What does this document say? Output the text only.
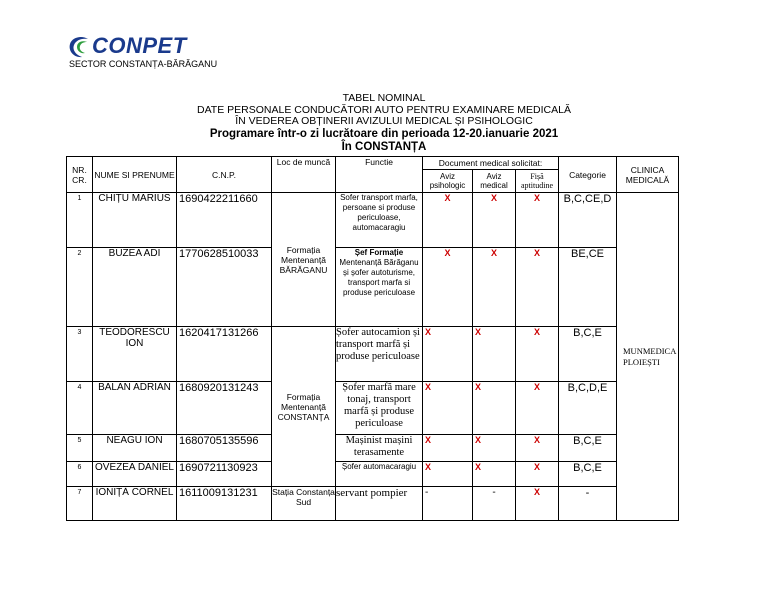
CONPET
SECTOR CONSTANȚA-BĂRĂGANU
TABEL NOMINAL
DATE PERSONALE CONDUCĂTORI AUTO PENTRU EXAMINARE MEDICALĂ
ÎN VEDEREA OBȚINERII AVIZULUI MEDICAL ȘI PSIHOLOGIC
Programare într-o zi lucrătoare din perioada 12-20.ianuarie 2021
În CONSTANȚA
NR. CR.	NUME SI PRENUME	C.N.P.	Loc de muncă	Functie	Document medical solicitat:			Categorie	CLINICA MEDICALĂ
					Aviz psihologic	Aviz medical	Fișă aptitudine		
1	CHIȚU MARIUS	1690422211660	Formația Mentenanță BĂRĂGANU	Sofer transport marfa, persoane si produse periculoase, automacaragiu	X	X	X	B,C,CE,D	MUNMEDICA PLOIEȘTI
2	BUZEA ADI	1770628510033		Șef Formație Mentenanță Bărăganu și șofer autoturisme, transport marfa si produse periculoase	X	X	X	BE,CE	
3	TEODORESCU ION	1620417131266	Formația Mentenanță CONSTANȚA	Șofer autocamion și transport marfă și produse periculoase	X	X	X	B,C,E	
4	BALAN ADRIAN	1680920131243		Șofer marfă mare tonaj, transport marfă și produse periculoase	X	X	X	B,C,D,E	
5	NEAGU ION	1680705135596		Mașinist mașini terasamente	X	X	X	B,C,E	
6	OVEZEA DANIEL	1690721130923		Șofer automacaragiu	X	X	X	B,C,E	
7	IONIȚĂ CORNEL	1611009131231	Stația Constanța Sud	servant pompier	-	-	X	-	
